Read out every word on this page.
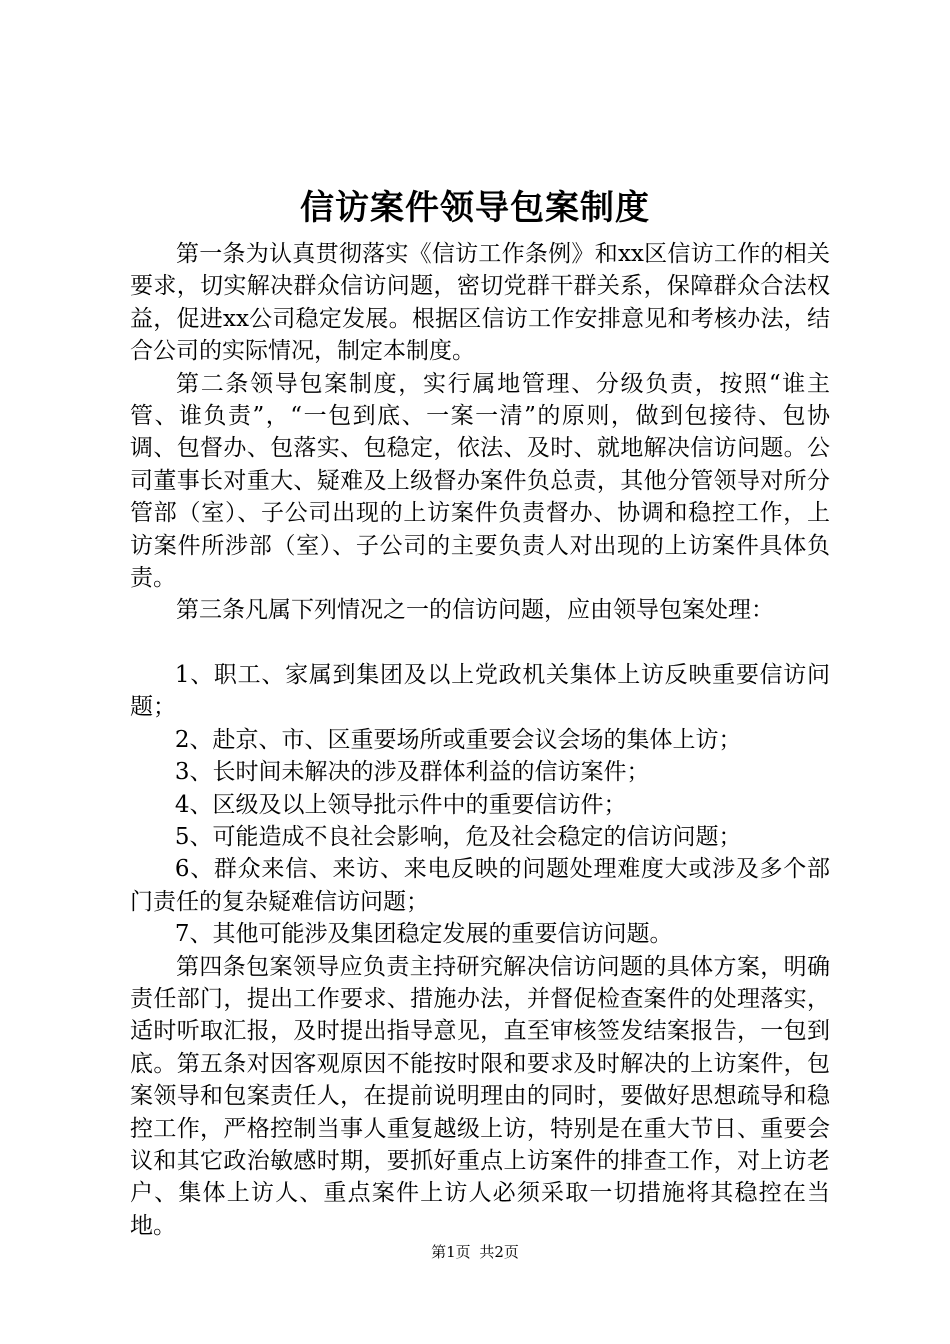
信访案件领导包案制度

第一条为认真贯彻落实《信访工作条例》和xx区信访工作的相关要求，切实解决群众信访问题，密切党群干群关系，保障群众合法权益，促进xx公司稳定发展。根据区信访工作安排意见和考核办法，结合公司的实际情况，制定本制度。

第二条领导包案制度，实行属地管理、分级负责，按照“谁主管、谁负责”，“一包到底、一案一清”的原则，做到包接待、包协调、包督办、包落实、包稳定，依法、及时、就地解决信访问题。公司董事长对重大、疑难及上级督办案件负总责，其他分管领导对所分管部（室）、子公司出现的上访案件负责督办、协调和稳控工作，上访案件所涉部（室）、子公司的主要负责人对出现的上访案件具体负责。

第三条凡属下列情况之一的信访问题，应由领导包案处理：

1、职工、家属到集团及以上党政机关集体上访反映重要信访问题；

2、赴京、市、区重要场所或重要会议会场的集体上访；

3、长时间未解决的涉及群体利益的信访案件；

4、区级及以上领导批示件中的重要信访件；

5、可能造成不良社会影响，危及社会稳定的信访问题；

6、群众来信、来访、来电反映的问题处理难度大或涉及多个部门责任的复杂疑难信访问题；

7、其他可能涉及集团稳定发展的重要信访问题。

第四条包案领导应负责主持研究解决信访问题的具体方案，明确责任部门，提出工作要求、措施办法，并督促检查案件的处理落实，适时听取汇报，及时提出指导意见，直至审核签发结案报告，一包到底。第五条对因客观原因不能按时限和要求及时解决的上访案件，包案领导和包案责任人，在提前说明理由的同时，要做好思想疏导和稳控工作，严格控制当事人重复越级上访，特别是在重大节日、重要会议和其它政治敏感时期，要抓好重点上访案件的排查工作，对上访老户、集体上访人、重点案件上访人必须采取一切措施将其稳控在当地。

第1页 共2页
